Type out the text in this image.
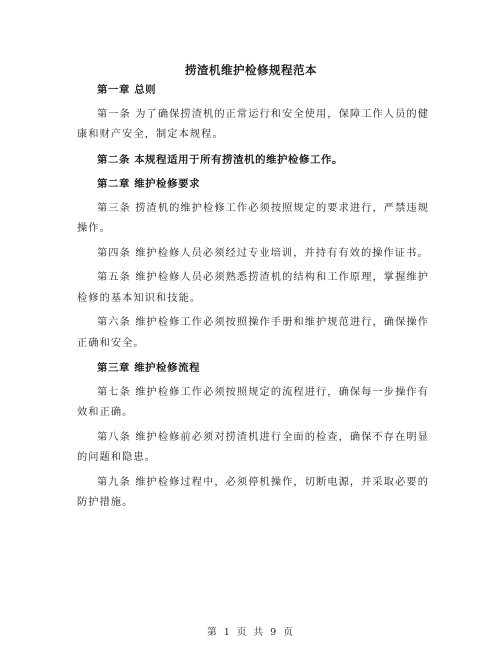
捞渣机维护检修规程范本

第一章 总则

第一条 为了确保捞渣机的正常运行和安全使用，保障工作人员的健康和财产安全，制定本规程。

第二条 本规程适用于所有捞渣机的维护检修工作。

第二章 维护检修要求

第三条 捞渣机的维护检修工作必须按照规定的要求进行，严禁违规操作。

第四条 维护检修人员必须经过专业培训，并持有有效的操作证书。

第五条 维护检修人员必须熟悉捞渣机的结构和工作原理，掌握维护检修的基本知识和技能。

第六条 维护检修工作必须按照操作手册和维护规范进行，确保操作正确和安全。

第三章 维护检修流程

第七条 维护检修工作必须按照规定的流程进行，确保每一步操作有效和正确。

第八条 维护检修前必须对捞渣机进行全面的检查，确保不存在明显的问题和隐患。

第九条 维护检修过程中，必须停机操作，切断电源，并采取必要的防护措施。

第 1 页 共 9 页
